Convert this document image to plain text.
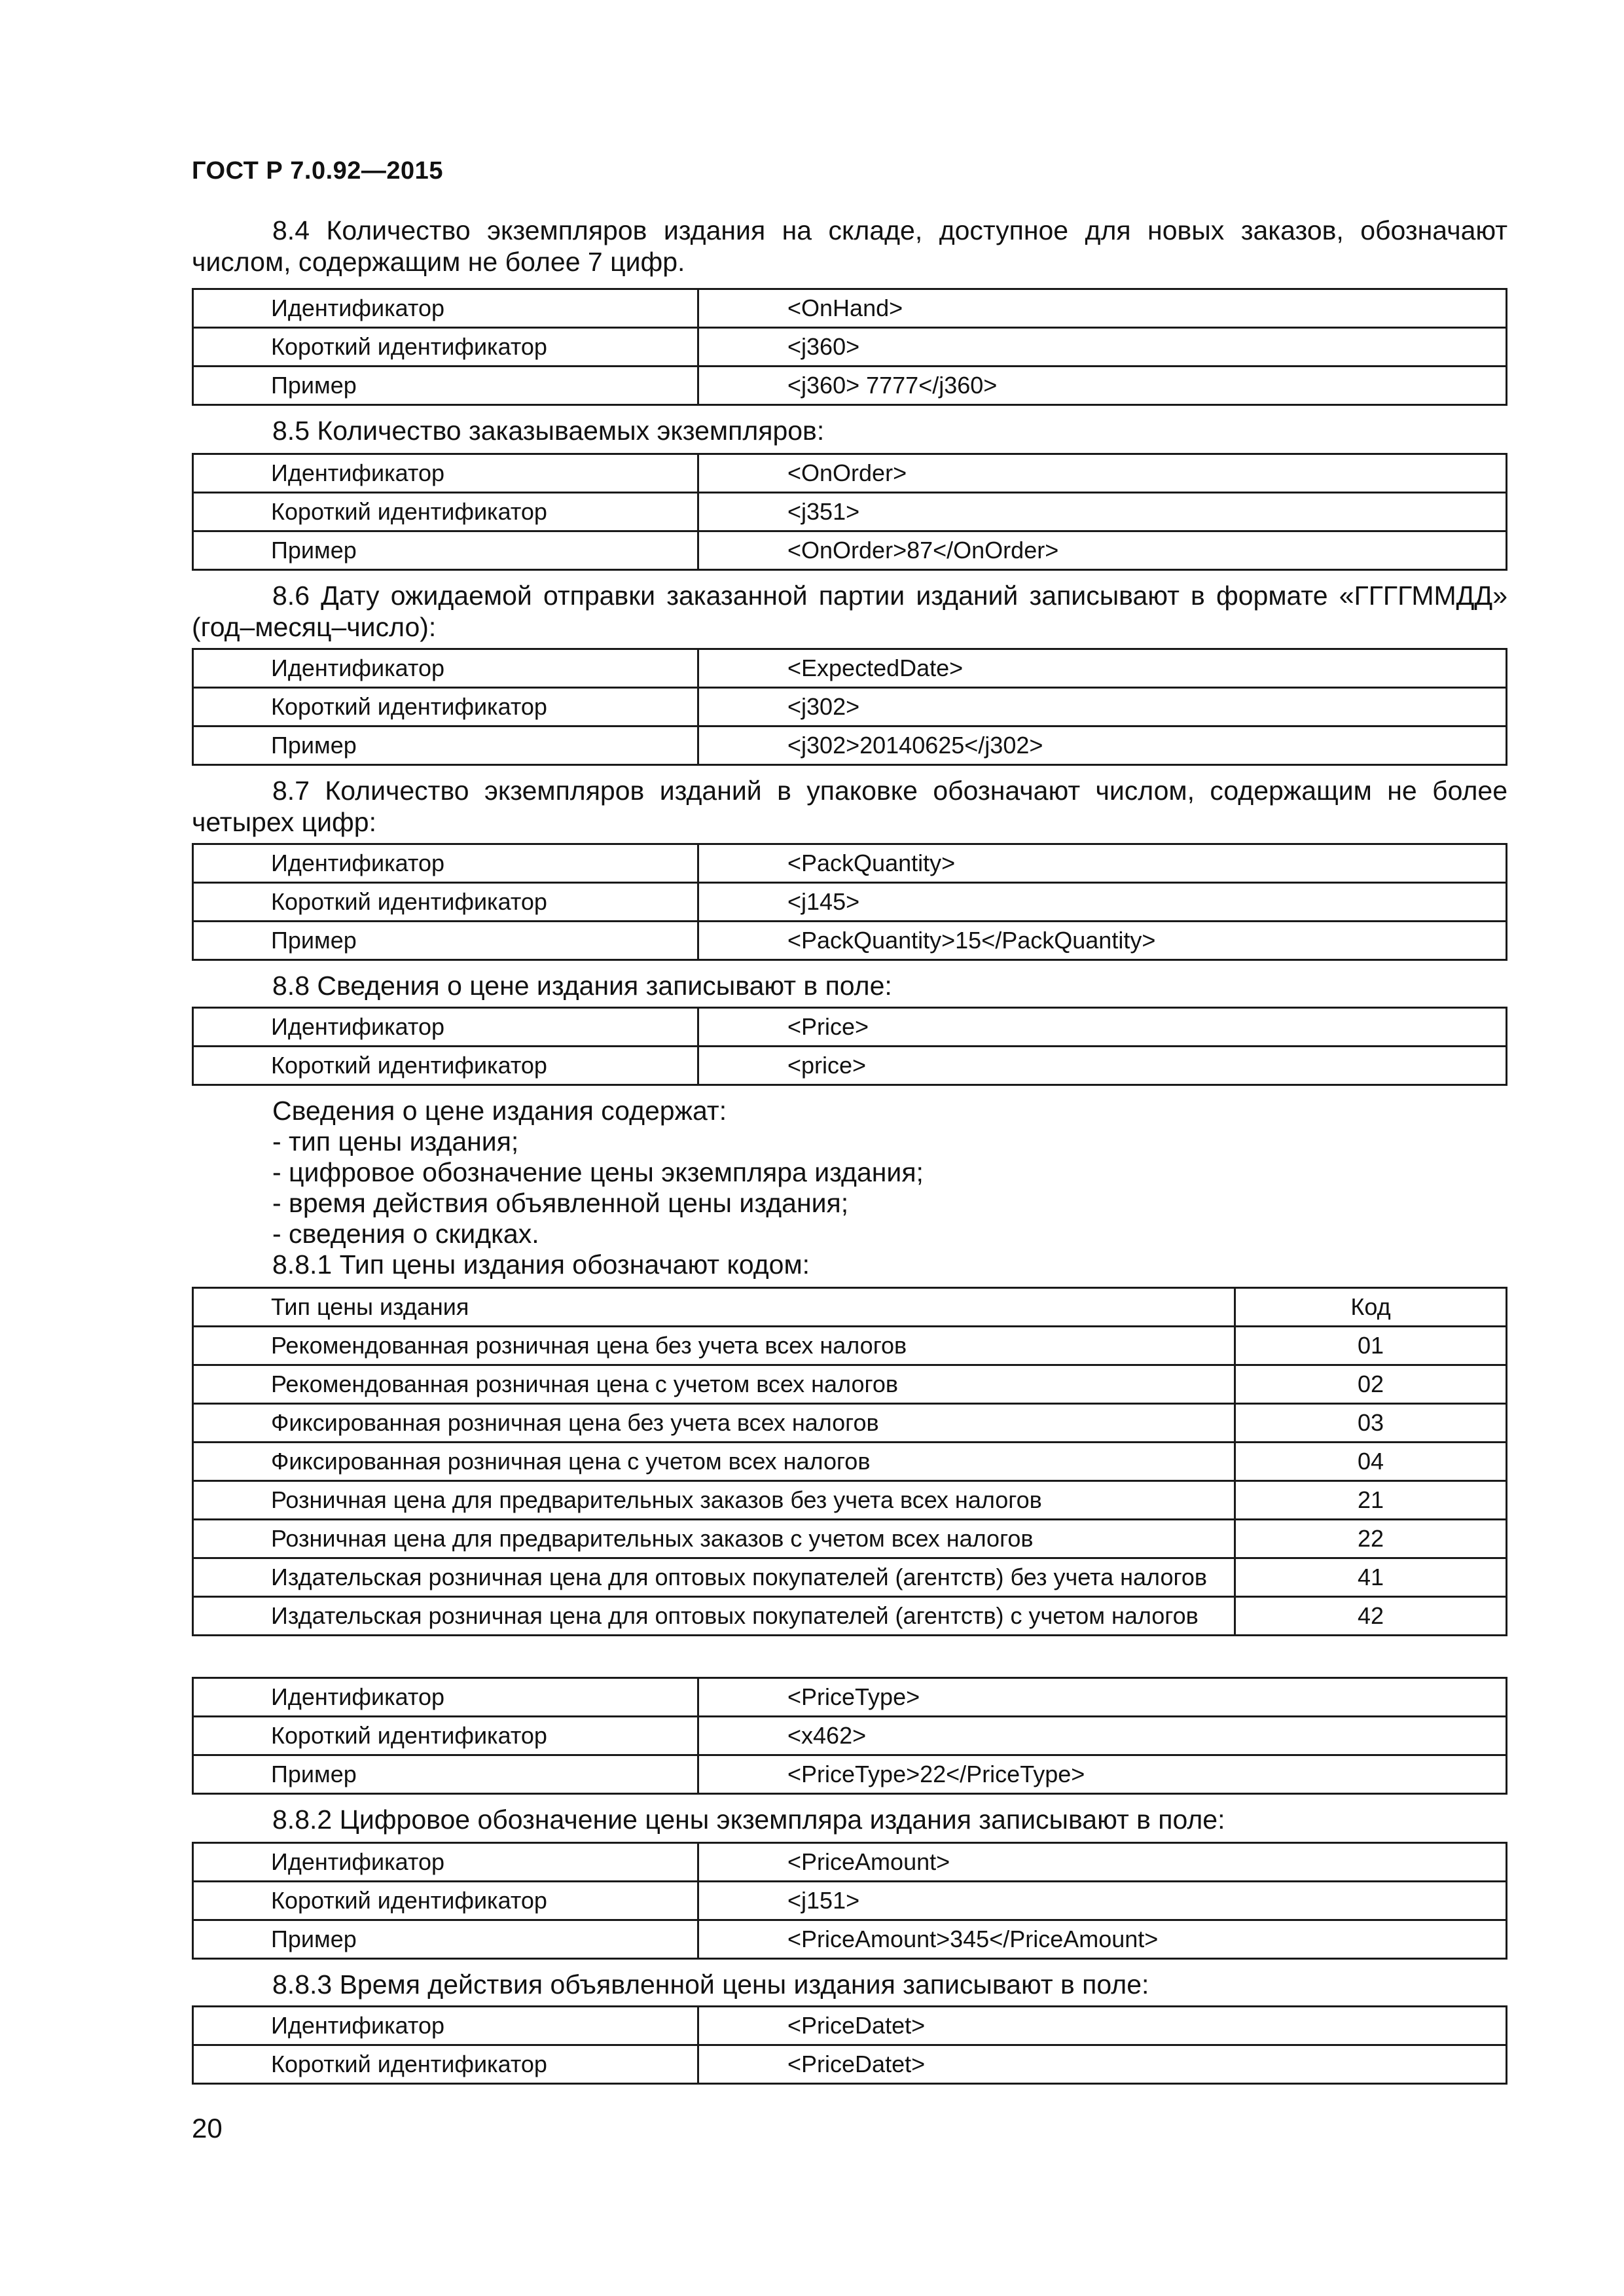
ГОСТ Р 7.0.92—2015
8.4 Количество экземпляров издания на складе, доступное для новых заказов, обозначают числом, содержащим не более 7 цифр.
Идентификатор	<OnHand>
Короткий идентификатор	<j360>
Пример	<j360> 7777</j360>
8.5 Количество заказываемых экземпляров:
Идентификатор	<OnOrder>
Короткий идентификатор	<j351>
Пример	<OnOrder>87</OnOrder>
8.6 Дату ожидаемой отправки заказанной партии изданий записывают в формате «ГГГГММДД» (год–месяц–число):
Идентификатор	<ExpectedDate>
Короткий идентификатор	<j302>
Пример	<j302>20140625</j302>
8.7 Количество экземпляров изданий в упаковке обозначают числом, содержащим не более четырех цифр:
Идентификатор	<PackQuantity>
Короткий идентификатор	<j145>
Пример	<PackQuantity>15</PackQuantity>
8.8 Сведения о цене издания записывают в поле:
Идентификатор	<Price>
Короткий идентификатор	<price>
Сведения о цене издания содержат:
- тип цены издания;
- цифровое обозначение цены экземпляра издания;
- время действия объявленной цены издания;
- сведения о скидках.
8.8.1 Тип цены издания обозначают кодом:
Тип цены издания	Код
Рекомендованная розничная цена без учета всех налогов	01
Рекомендованная розничная цена с учетом всех налогов	02
Фиксированная розничная цена без учета всех налогов	03
Фиксированная розничная цена с учетом всех налогов	04
Розничная цена для предварительных заказов без учета всех налогов	21
Розничная цена для предварительных заказов с учетом всех налогов	22
Издательская розничная цена для оптовых покупателей (агентств) без учета налогов	41
Издательская розничная цена для оптовых покупателей (агентств) с учетом налогов	42
Идентификатор	<PriceType>
Короткий идентификатор	<x462>
Пример	<PriceType>22</PriceType>
8.8.2 Цифровое обозначение цены экземпляра издания записывают в поле:
Идентификатор	<PriceAmount>
Короткий идентификатор	<j151>
Пример	<PriceAmount>345</PriceAmount>
8.8.3 Время действия объявленной цены издания записывают в поле:
Идентификатор	<PriceDatet>
Короткий идентификатор	<PriceDatet>
20
